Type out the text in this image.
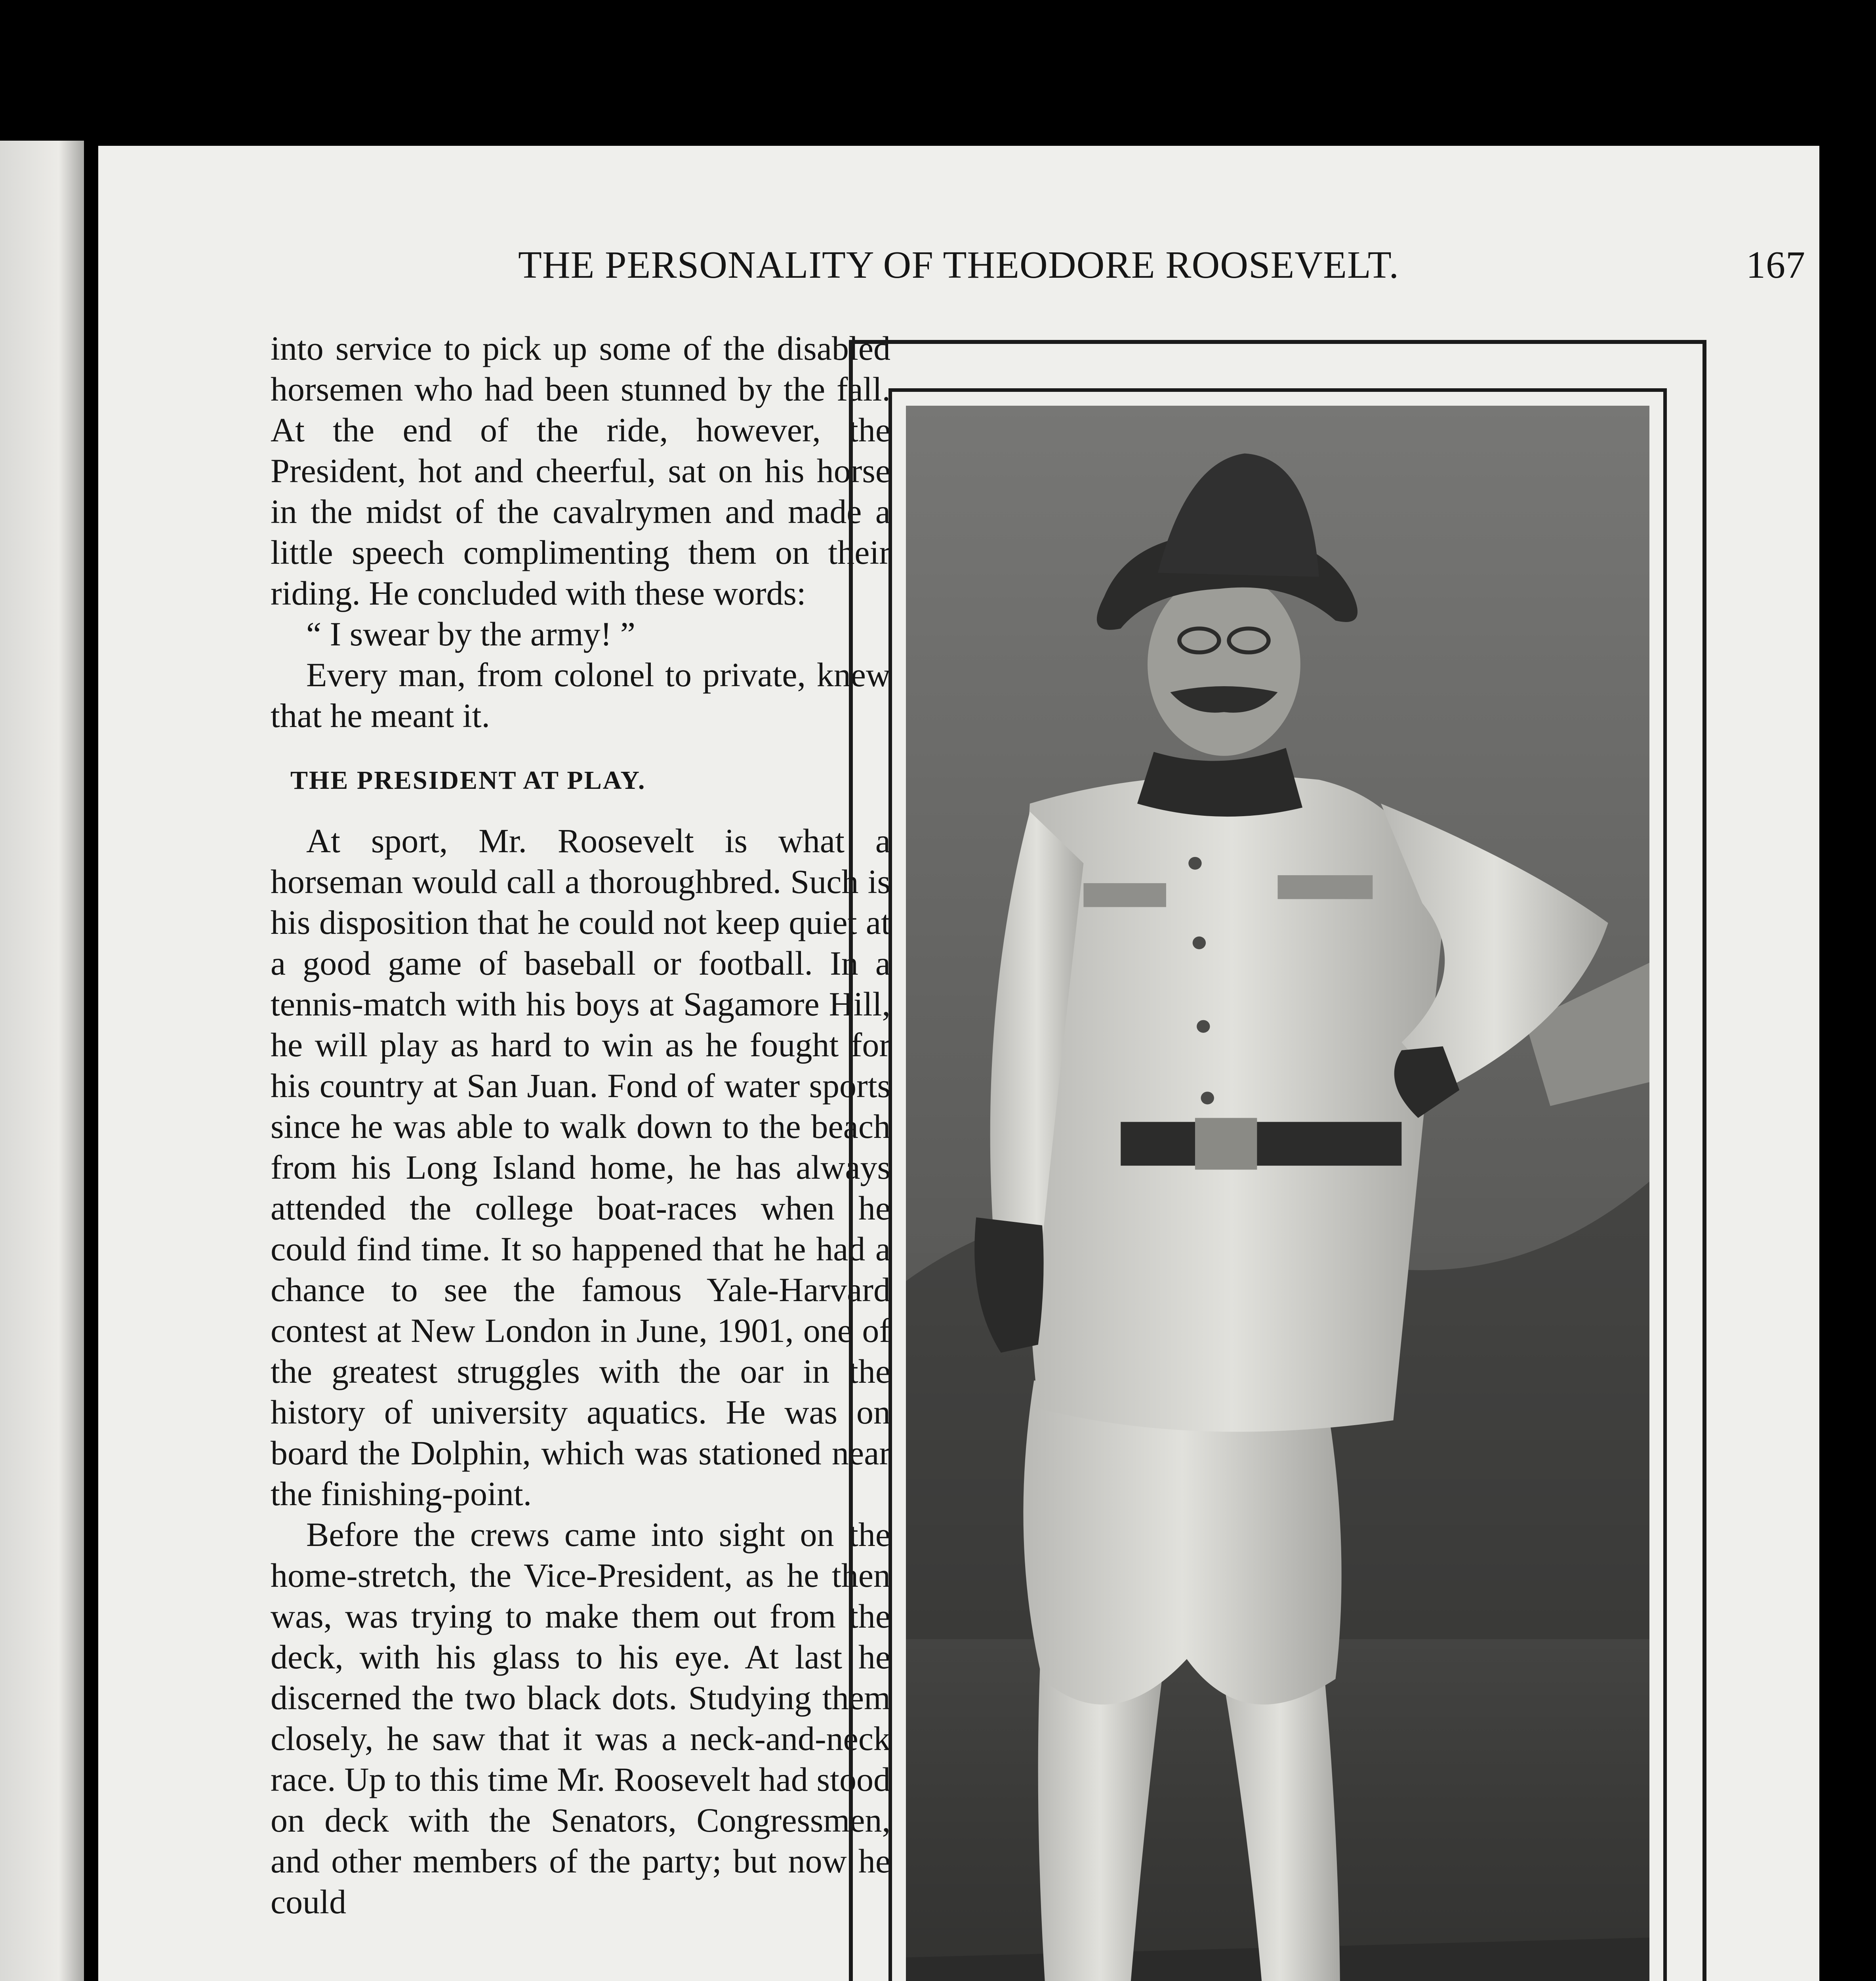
THE PERSONALITY OF THEODORE ROOSEVELT.	167

into service to pick up some of the disabled horsemen who had been stunned by the fall. At the end of the ride, however, the President, hot and cheerful, sat on his horse in the midst of the cavalrymen and made a little speech complimenting them on their riding. He concluded with these words:

“ I swear by the army! ”

Every man, from colonel to private, knew that he meant it.

THE PRESIDENT AT PLAY.

At sport, Mr. Roosevelt is what a horseman would call a thoroughbred. Such is his disposition that he could not keep quiet at a good game of baseball or football. In a tennis-match with his boys at Sagamore Hill, he will play as hard to win as he fought for his country at San Juan. Fond of water sports since he was able to walk down to the beach from his Long Island home, he has always attended the college boat-races when he could find time. It so happened that he had a chance to see the famous Yale-Harvard contest at New London in June, 1901, one of the greatest struggles with the oar in the history of university aquatics. He was on board the Dolphin, which was stationed near the finishing-point.

Before the crews came into sight on the home-stretch, the Vice-President, as he then was, was trying to make them out from the deck, with his glass to his eye. At last he discerned the two black dots. Studying them closely, he saw that it was a neck-and-neck race. Up to this time Mr. Roosevelt had stood on deck with the Senators, Congressmen, and other members of the party; but now he could
